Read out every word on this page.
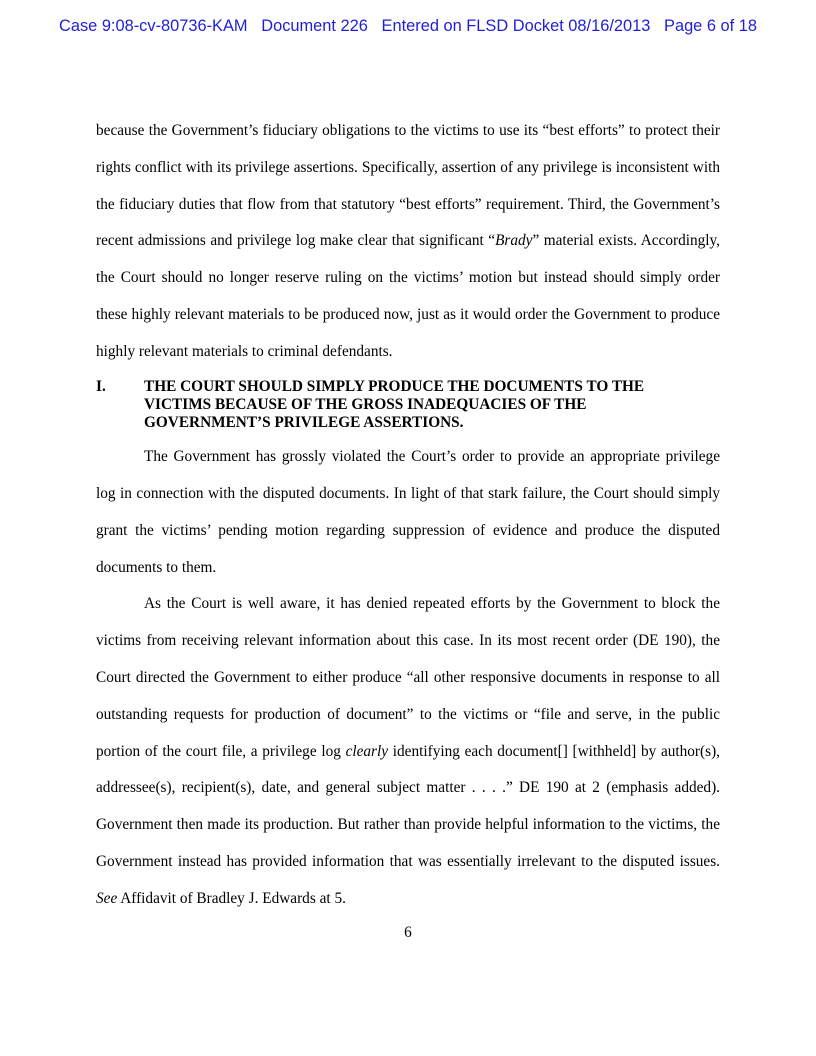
Case 9:08-cv-80736-KAM Document 226 Entered on FLSD Docket 08/16/2013 Page 6 of 18

because the Government’s fiduciary obligations to the victims to use its “best efforts” to protect their rights conflict with its privilege assertions. Specifically, assertion of any privilege is inconsistent with the fiduciary duties that flow from that statutory “best efforts” requirement. Third, the Government’s recent admissions and privilege log make clear that significant “Brady” material exists. Accordingly, the Court should no longer reserve ruling on the victims’ motion but instead should simply order these highly relevant materials to be produced now, just as it would order the Government to produce highly relevant materials to criminal defendants.

I.	THE COURT SHOULD SIMPLY PRODUCE THE DOCUMENTS TO THE VICTIMS BECAUSE OF THE GROSS INADEQUACIES OF THE GOVERNMENT’S PRIVILEGE ASSERTIONS.

The Government has grossly violated the Court’s order to provide an appropriate privilege log in connection with the disputed documents. In light of that stark failure, the Court should simply grant the victims’ pending motion regarding suppression of evidence and produce the disputed documents to them.

As the Court is well aware, it has denied repeated efforts by the Government to block the victims from receiving relevant information about this case. In its most recent order (DE 190), the Court directed the Government to either produce “all other responsive documents in response to all outstanding requests for production of document” to the victims or “file and serve, in the public portion of the court file, a privilege log clearly identifying each document[] [withheld] by author(s), addressee(s), recipient(s), date, and general subject matter . . . .” DE 190 at 2 (emphasis added). Government then made its production. But rather than provide helpful information to the victims, the Government instead has provided information that was essentially irrelevant to the disputed issues. See Affidavit of Bradley J. Edwards at 5.

6
